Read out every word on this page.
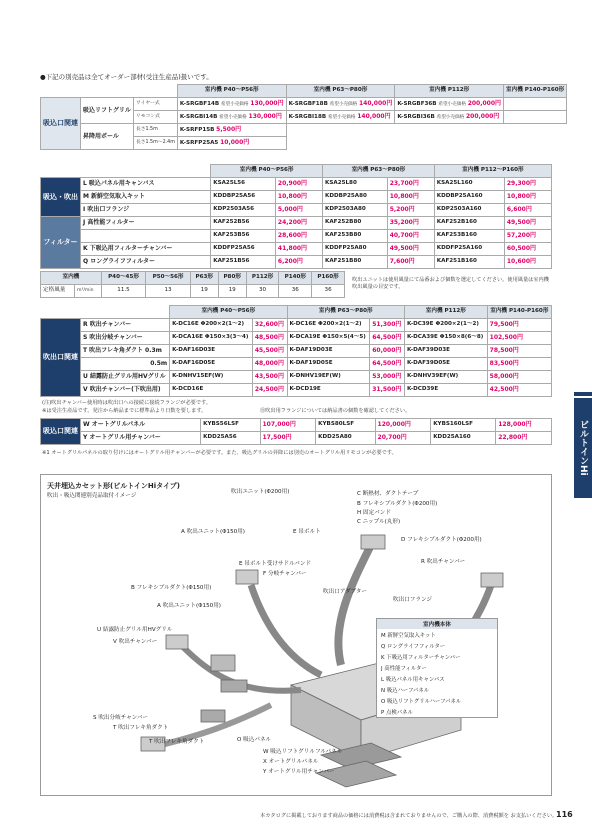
●下記の別売品は全てオーダー部材(受注生産品)扱いです。
			室内機 P40〜P56形	室内機 P63〜P80形	室内機 P112形	室内機 P140-P160形
吸込口関連	吸込リフトグリル	ワイヤー式	K-SRGBF14B 希望小売価格 130,000円	K-SRGBF18B 希望小売価格 140,000円	K-SRGBF36B 希望小売価格 200,000円	
		リモコン式	K-SRGBI14B 希望小売価格 130,000円	K-SRGBI18B 希望小売価格 140,000円	K-SRGBI36B 希望小売価格 200,000円	
	昇降用ポール	長さ1.5m	K-SRFP15B 5,500円			
		長さ1.5m〜2.4m	K-SRFP25A5 10,000円			
		室内機 P40〜P56形		室内機 P63〜P80形		室内機 P112〜P160形	
吸込・吹出	L 吸込パネル用キャンバス	KSA25L56	20,900円	KSA25L80	23,700円	KSA25L160	29,300円
	M 新鮮空気取入キット	KDDBP25A56	10,800円	KDDBP25A80	10,800円	KDDBP25A160	10,800円
	I 吹出口フランジ	KDP2503A56	5,000円	KDP2503A80	5,200円	KDP2503A160	6,600円
フィルター	J 高性能フィルター	KAF252B56	24,200円	KAF252B80	35,200円	KAF252B160	49,500円
		KAF253B56	28,600円	KAF253B80	40,700円	KAF253B160	57,200円
	K 下吸込用フィルターチャンバー	KDDFP25A56	41,800円	KDDFP25A80	49,500円	KDDFP25A160	60,500円
	Q ロングライフフィルター	KAF251B56	6,200円	KAF251B80	7,600円	KAF251B160	10,600円
室内機		P40〜45形	P50〜56形	P63形	P80形	P112形	P140形	P160形
定格風量	m³/min	11.5	13	19	19	30	36	36
吹出ユニットは使用風量にて品番および個数を選定してください。使用風量は室内機吹出風量の目安です。
		室内機 P40〜P56形		室内機 P63〜P80形		室内機 P112形	室内機 P140-P160形
吹出口関連	R 吹出チャンバー	K-DC16E Φ200×2(1〜2)	32,600円	K-DC16E Φ200×2(1〜2)	51,300円	K-DC39E Φ200×2(1〜2)	79,500円
	S 吹出分岐チャンバー	K-DCA16E Φ150×3(3〜4)	48,500円	K-DCA19E Φ150×5(4〜5)	64,500円	K-DCA39E Φ150×8(6〜8)	102,500円
	T 吹出フレキ角ダクト 0.3m	K-DAF16D03E	45,500円	K-DAF19D03E	60,000円	K-DAF39D03E	78,500円
	0.5m	K-DAF16D05E	48,000円	K-DAF19D05E	64,500円	K-DAF39D05E	83,500円
	U 結露防止グリル用HVグリル	K-DNHV15EF(W)	43,500円	K-DNHV19EF(W)	53,000円	K-DNHV39EF(W)	58,000円
	V 吹出チャンバー(下吹出用)	K-DCD16E	24,500円	K-DCD19E	31,500円	K-DCD39E	42,500円
(注)吹出チャンバー使用時は吹出口への接続に接続フランジが必要です。
※は受注生産品です。発注から納品までに標準品より日数を要します。	Ⓡ吹出用フランジについては納品書の個数を確認してください。
吸込口関連	W オートグリルパネル	KYBS56LSF	107,000円	KYBS80LSF	120,000円	KYBS160LSF	128,000円
	Y オートグリル用チャンバー	KDD25A56	17,500円	KDD25A80	20,700円	KDD25A160	22,800円
※1 オートグリルパネルの取り付けにはオートグリル用チャンバーが必要です。また、吸込グリルの昇降には別売のオートグリル用リモコンが必要です。	ビルトインHi
天井埋込カセット形(ビルトインHiタイプ)
吹出・吸込関連別売品取付イメージ
A 吹出ユニット(Φ150用)	E 吊ボルト
E 吊ボルト受けサドルバンド
F 分岐チャンバー
B フレキシブルダクト(Φ150用)
A 吹出ユニット(Φ150用)
U 結露防止グリル用HVグリル
V 吹出チャンバー
S 吹出分岐チャンバー
T 吹出フレキ角ダクト
T 吹出フレキ角ダクト
吹出ユニット(Φ200用)	C 断熱材、ダクトテープ
B フレキシブルダクト(Φ200用)
H 固定バンド
C ニップル(丸形)
D フレキシブルダクト(Φ200用)
R 吹出チャンバー
吹出口フランジ
吹出口アダプター
室内機本体
M 新鮮空気取入キット
Q ロングライフフィルター
K 下吸込用フィルターチャンバー
J 高性能フィルター
L 吸込パネル用キャンバス
N 吸込ハーフパネル
O 吸込リフトグリルハーフパネル
P 点検パネル
O 吸込パネル
W 吸込リフトグリルフルパネル
X オートグリルパネル
Y オートグリル用チャンバー
本カタログに掲載しております商品の価格には消費税は含まれておりませんので、ご購入の際、消費税額を お支払いください。
116
